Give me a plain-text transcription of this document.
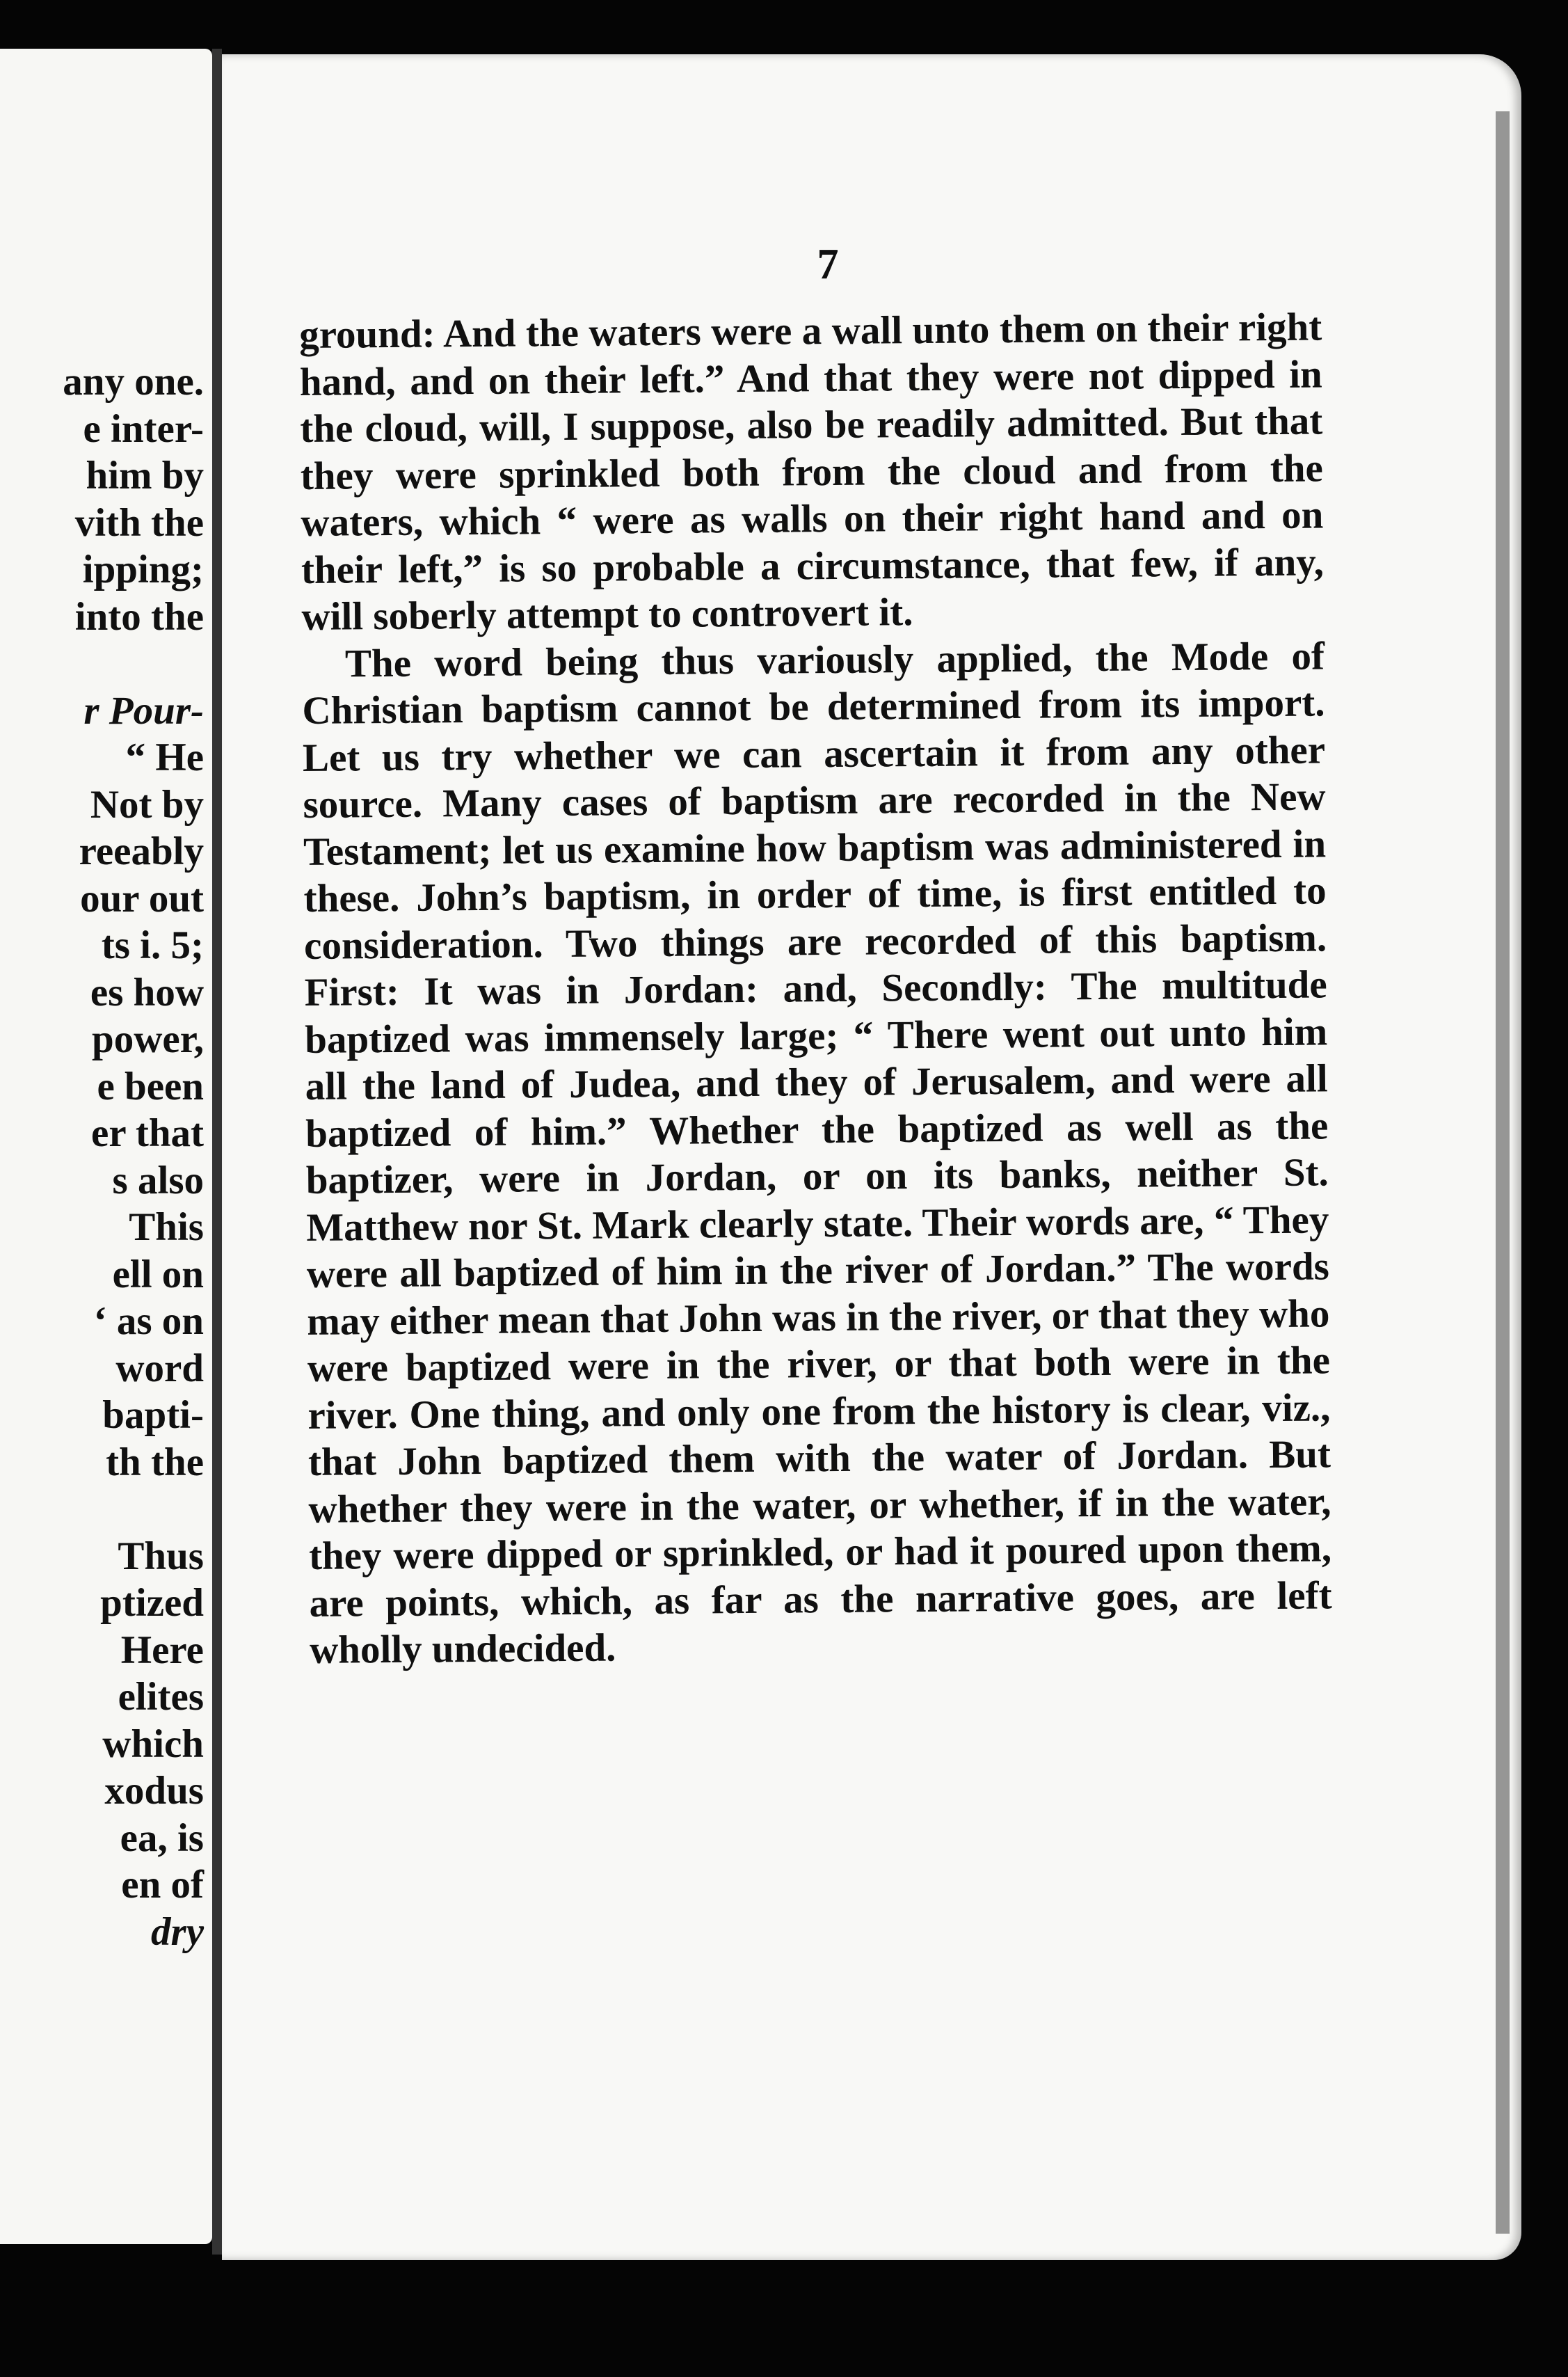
any one.
e inter-
him by
vith the
ipping;
into the
r Pour-
“ He
Not by
reeably
our out
ts i. 5;
es how
power,
e been
er that
s also
This
ell on
‘ as on
word
bapti-
th the
Thus
ptized
Here
elites
which
xodus
ea, is
en of
dry
7

ground: And the waters were a wall unto them on their right hand, and on their left.” And that they were not dipped in the cloud, will, I suppose, also be readily admitted. But that they were sprinkled both from the cloud and from the waters, which “ were as walls on their right hand and on their left,” is so probable a circumstance, that few, if any, will soberly attempt to controvert it.

The word being thus variously applied, the Mode of Christian baptism cannot be determined from its import. Let us try whether we can ascertain it from any other source. Many cases of baptism are recorded in the New Testament; let us examine how baptism was administered in these. John’s baptism, in order of time, is first entitled to consideration. Two things are recorded of this baptism. First: It was in Jordan: and, Secondly: The multitude baptized was immensely large; “ There went out unto him all the land of Judea, and they of Jerusalem, and were all baptized of him.” Whether the baptized as well as the baptizer, were in Jordan, or on its banks, neither St. Matthew nor St. Mark clearly state. Their words are, “ They were all baptized of him in the river of Jordan.” The words may either mean that John was in the river, or that they who were baptized were in the river, or that both were in the river. One thing, and only one from the history is clear, viz., that John baptized them with the water of Jordan. But whether they were in the water, or whether, if in the water, they were dipped or sprinkled, or had it poured upon them, are points, which, as far as the narrative goes, are left wholly undecided.
